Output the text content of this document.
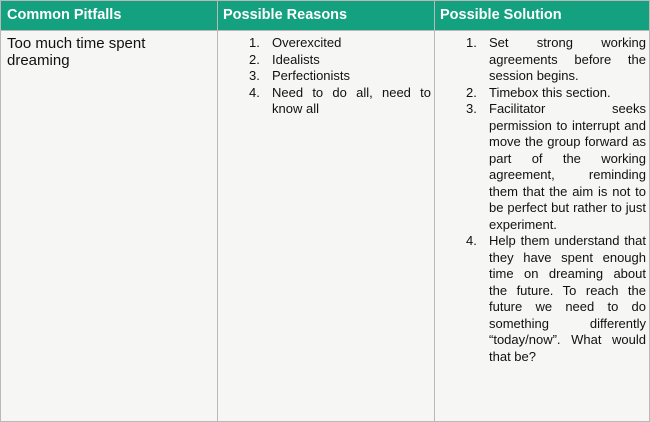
Common Pitfalls	Possible Reasons	Possible Solution
Too much time spent dreaming
1. Overexcited
2. Idealists
3. Perfectionists
4. Need to do all, need to know all
1. Set strong working agreements before the session begins.
2. Timebox this section.
3. Facilitator seeks permission to interrupt and move the group forward as part of the working agreement, reminding them that the aim is not to be perfect but rather to just experiment.
4. Help them understand that they have spent enough time on dreaming about the future. To reach the future we need to do something differently “today/now”. What would that be?
